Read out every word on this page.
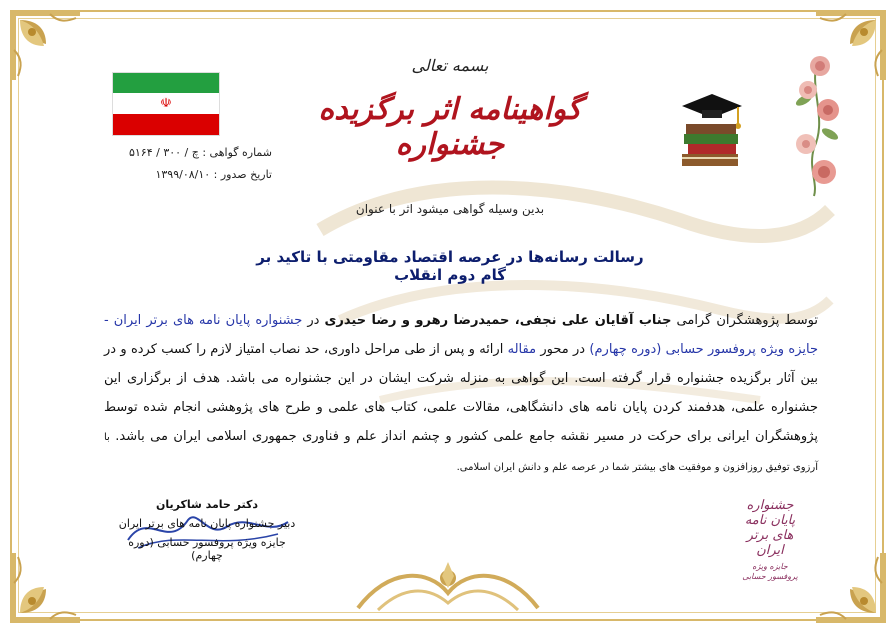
☫
شماره گواهی : چ / ۳۰۰ / ۵۱۶۴
تاریخ صدور : ۱۳۹۹/۰۸/۱۰
بسمه تعالی
گواهینامه اثر برگزیده جشنواره
بدین وسیله گواهی میشود اثر با عنوان
رسالت رسانه‌ها در عرصه اقتصاد مقاومتی با تاکید بر گام دوم انقلاب
توسط پژوهشگران گرامی جناب آقایان علی نجفی، حمیدرضا رهرو و رضا حیدری در جشنواره پایان نامه های برتر ایران - جایزه ویژه پروفسور حسابی (دوره چهارم) در محور مقاله ارائه و پس از طی مراحل داوری، حد نصاب امتیاز لازم را کسب کرده و در بین آثار برگزیده جشنواره قرار گرفته است. این گواهی به منزله شرکت ایشان در این جشنواره می باشد. هدف از برگزاری این جشنواره علمی، هدفمند کردن پایان نامه های دانشگاهی، مقالات علمی، کتاب های علمی و طرح های پژوهشی انجام شده توسط پژوهشگران ایرانی برای حرکت در مسیر نقشه جامع علمی کشور و چشم انداز علم و فناوری جمهوری اسلامی ایران می باشد. با آرزوی توفیق روزافزون و موفقیت های بیشتر شما در عرصه علم و دانش ایران اسلامی.
دکتر حامد شاکریان
دبیر جشنواره پایان نامه های برتر ایران
جایزه ویژه پروفسور حسابی (دوره چهارم)
جشنواره پایان نامه های برتر ایران
جایزه ویژه پروفسور حسابی
